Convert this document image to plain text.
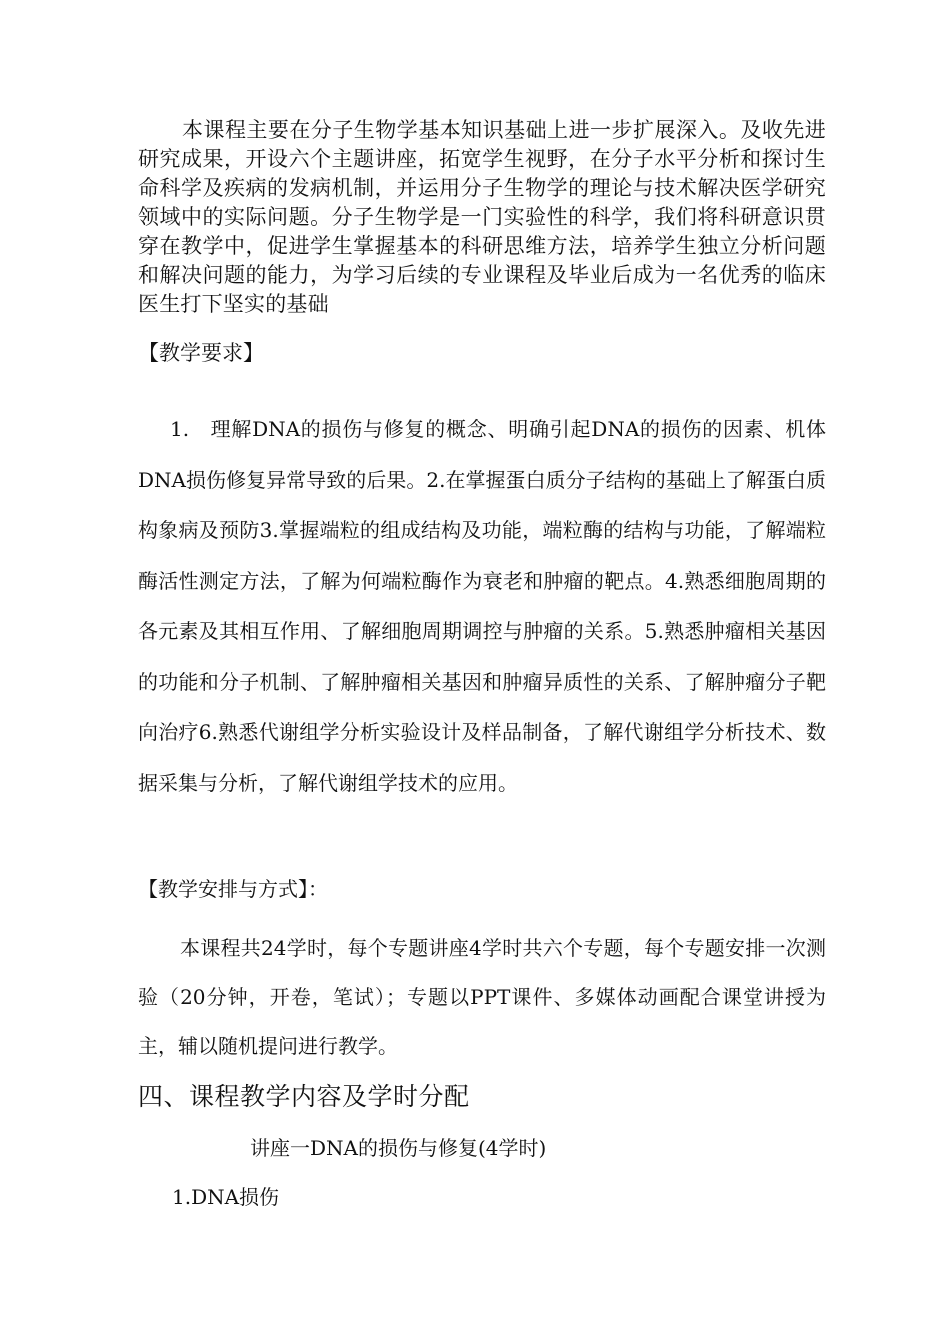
本课程主要在分子生物学基本知识基础上进一步扩展深入。及收先进研究成果，开设六个主题讲座，拓宽学生视野，在分子水平分析和探讨生命科学及疾病的发病机制，并运用分子生物学的理论与技术解决医学研究领域中的实际问题。分子生物学是一门实验性的科学，我们将科研意识贯穿在教学中，促进学生掌握基本的科研思维方法，培养学生独立分析问题和解决问题的能力，为学习后续的专业课程及毕业后成为一名优秀的临床医生打下坚实的基础

【教学要求】

1.　理解DNA的损伤与修复的概念、明确引起DNA的损伤的因素、机体DNA损伤修复异常导致的后果。2.在掌握蛋白质分子结构的基础上了解蛋白质构象病及预防3.掌握端粒的组成结构及功能，端粒酶的结构与功能，了解端粒酶活性测定方法，了解为何端粒酶作为衰老和肿瘤的靶点。4.熟悉细胞周期的各元素及其相互作用、了解细胞周期调控与肿瘤的关系。5.熟悉肿瘤相关基因的功能和分子机制、了解肿瘤相关基因和肿瘤异质性的关系、了解肿瘤分子靶向治疗6.熟悉代谢组学分析实验设计及样品制备，了解代谢组学分析技术、数据采集与分析，了解代谢组学技术的应用。

【教学安排与方式】：

本课程共24学时，每个专题讲座4学时共六个专题，每个专题安排一次测验（20分钟，开卷，笔试）；专题以PPT课件、多媒体动画配合课堂讲授为主，辅以随机提问进行教学。

四、课程教学内容及学时分配
讲座一DNA的损伤与修复(4学时)
1.DNA损伤
